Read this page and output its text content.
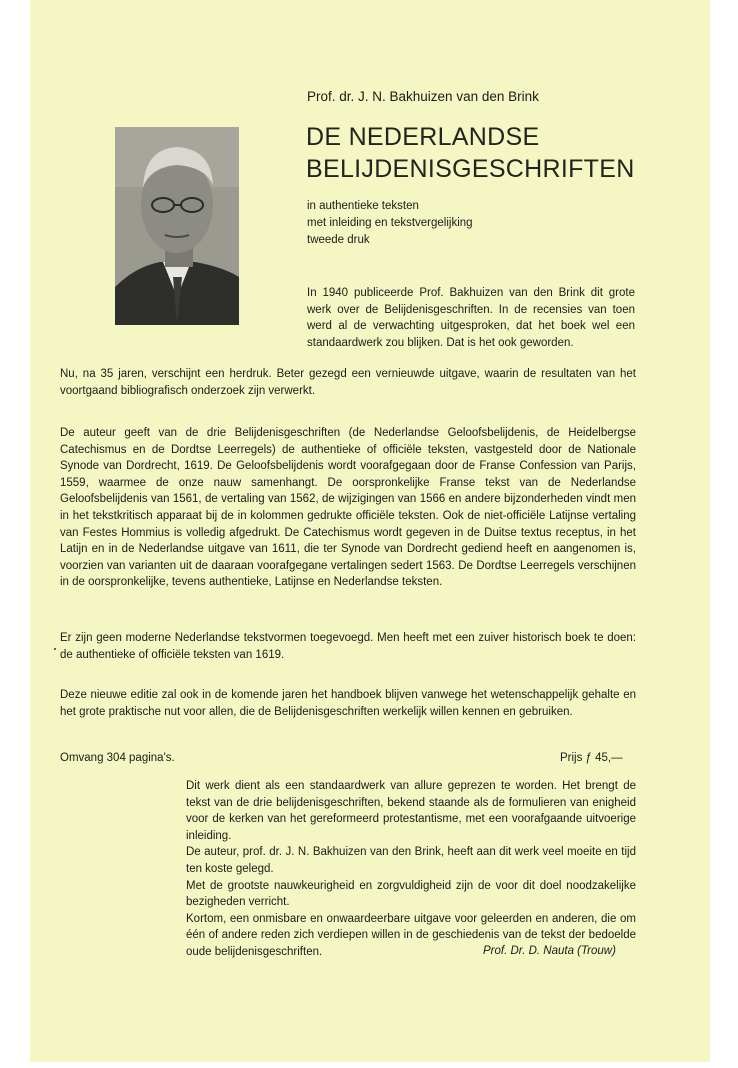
Prof. dr. J. N. Bakhuizen van den Brink
DE NEDERLANDSE
BELIJDENISGESCHRIFTEN
in authentieke teksten
met inleiding en tekstvergelijking
tweede druk
In 1940 publiceerde Prof. Bakhuizen van den Brink dit grote werk over de Belijdenisgeschriften. In de recensies van toen werd al de verwachting uitgesproken, dat het boek wel een standaardwerk zou blijken. Dat is het ook geworden.
Nu, na 35 jaren, verschijnt een herdruk. Beter gezegd een vernieuwde uitgave, waarin de resultaten van het voortgaand bibliografisch onderzoek zijn verwerkt.
De auteur geeft van de drie Belijdenisgeschriften (de Nederlandse Geloofsbelijdenis, de Heidelbergse Catechismus en de Dordtse Leerregels) de authentieke of officiële teksten, vastgesteld door de Nationale Synode van Dordrecht, 1619. De Geloofsbelijdenis wordt voorafgegaan door de Franse Confession van Parijs, 1559, waarmee de onze nauw samenhangt. De oorspronkelijke Franse tekst van de Nederlandse Geloofsbelijdenis van 1561, de vertaling van 1562, de wijzigingen van 1566 en andere bijzonderheden vindt men in het tekstkritisch apparaat bij de in kolommen gedrukte officiële teksten. Ook de niet-officiële Latijnse vertaling van Festes Hommius is volledig afgedrukt. De Catechismus wordt gegeven in de Duitse textus receptus, in het Latijn en in de Nederlandse uitgave van 1611, die ter Synode van Dordrecht gediend heeft en aangenomen is, voorzien van varianten uit de daaraan voorafgegane vertalingen sedert 1563. De Dordtse Leerregels verschijnen in de oorspronkelijke, tevens authentieke, Latijnse en Nederlandse teksten.
Er zijn geen moderne Nederlandse tekstvormen toegevoegd. Men heeft met een zuiver historisch boek te doen: de authentieke of officiële teksten van 1619.
Deze nieuwe editie zal ook in de komende jaren het handboek blijven vanwege het wetenschappelijk gehalte en het grote praktische nut voor allen, die de Belijdenisgeschriften werkelijk willen kennen en gebruiken.
Omvang 304 pagina's.	Prijs ƒ 45,—

Dit werk dient als een standaardwerk van allure geprezen te worden. Het brengt de tekst van de drie belijdenisgeschriften, bekend staande als de formulieren van enigheid voor de kerken van het gereformeerd protestantisme, met een voorafgaande uitvoerige inleiding.

De auteur, prof. dr. J. N. Bakhuizen van den Brink, heeft aan dit werk veel moeite en tijd ten koste gelegd.

Met de grootste nauwkeurigheid en zorgvuldigheid zijn de voor dit doel noodzakelijke bezigheden verricht.

Kortom, een onmisbare en onwaardeerbare uitgave voor geleerden en anderen, die om één of andere reden zich verdiepen willen in de geschiedenis van de tekst der bedoelde oude belijdenisgeschriften.	Prof. Dr. D. Nauta (Trouw)
